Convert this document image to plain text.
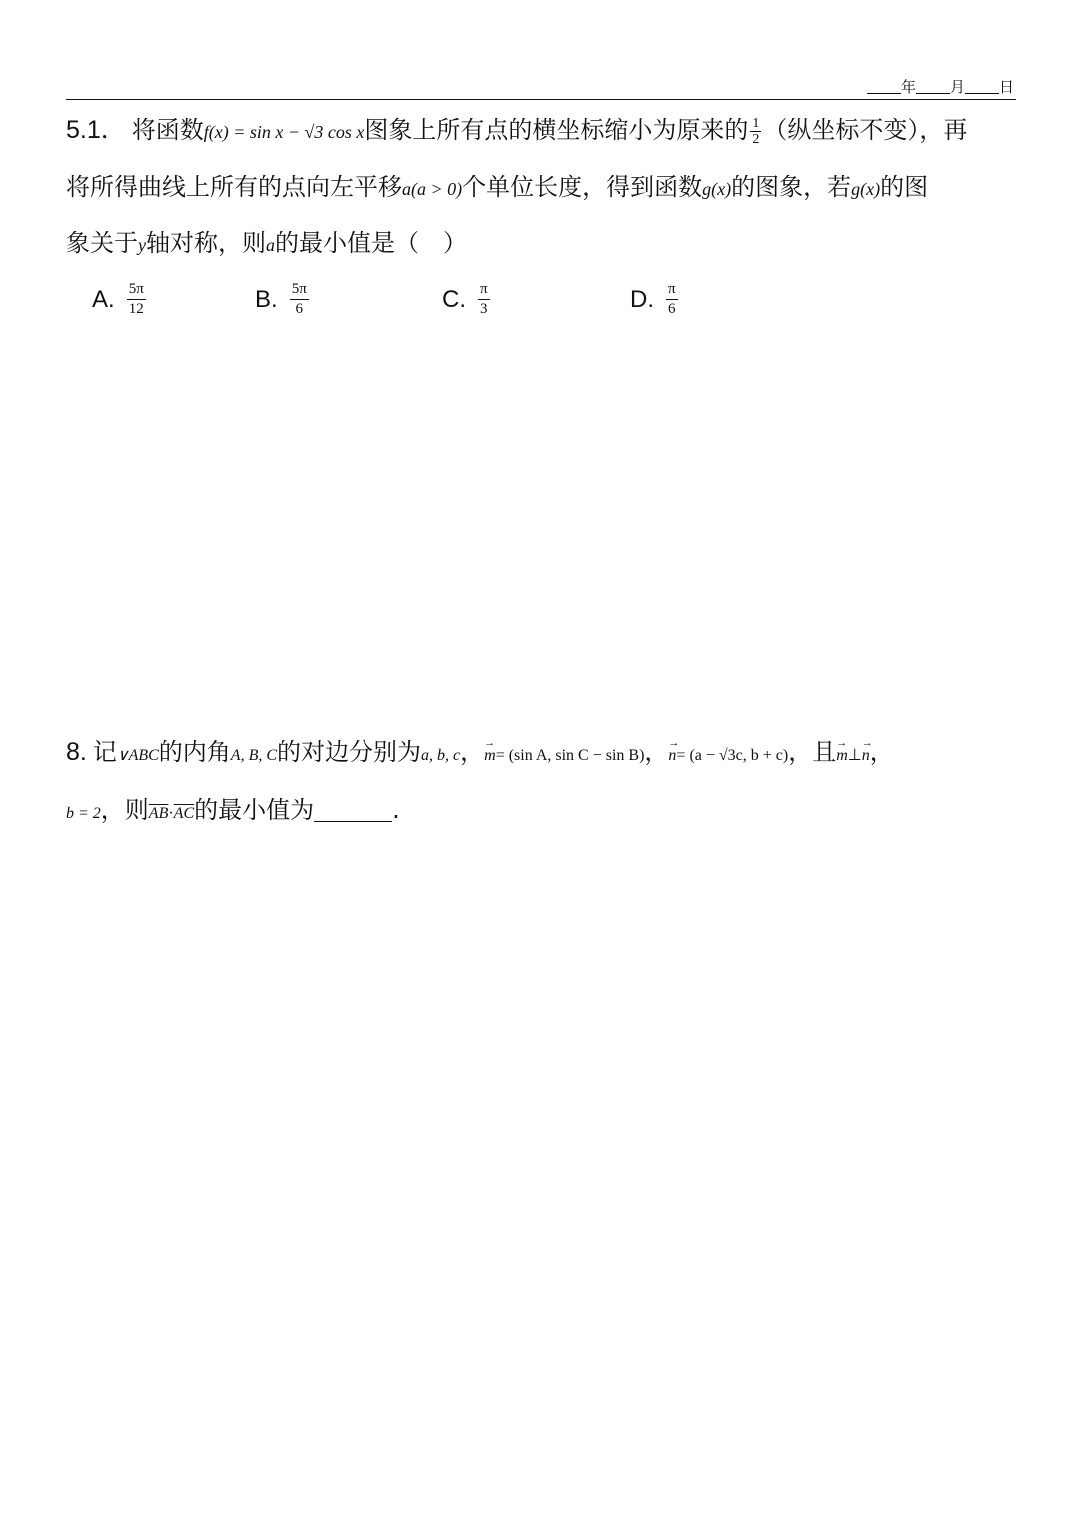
年 月 日
5.1． 将函数f(x) = sin x − √3 cos x图象上所有点的横坐标缩小为原来的 $\frac{1}{2}$ （纵坐标不变），再
将所得曲线上所有的点向左平移a(a > 0)个单位长度，得到函数g(x)的图象，若g(x)的图
象关于y轴对称，则a的最小值是（　）
A. $\frac{5\pi}{12}$	B. $\frac{5\pi}{6}$	C. $\frac{\pi}{3}$	D. $\frac{\pi}{6}$
8. 记∨ABC的内角A, B, C的对边分别为a, b, c，m →= (sin A, sin C − sin B)，n →= (a − √3c, b + c)，且m →⊥n →，
b = 2，则$\overline{AB}\cdot\overline{AC}$的最小值为	.
